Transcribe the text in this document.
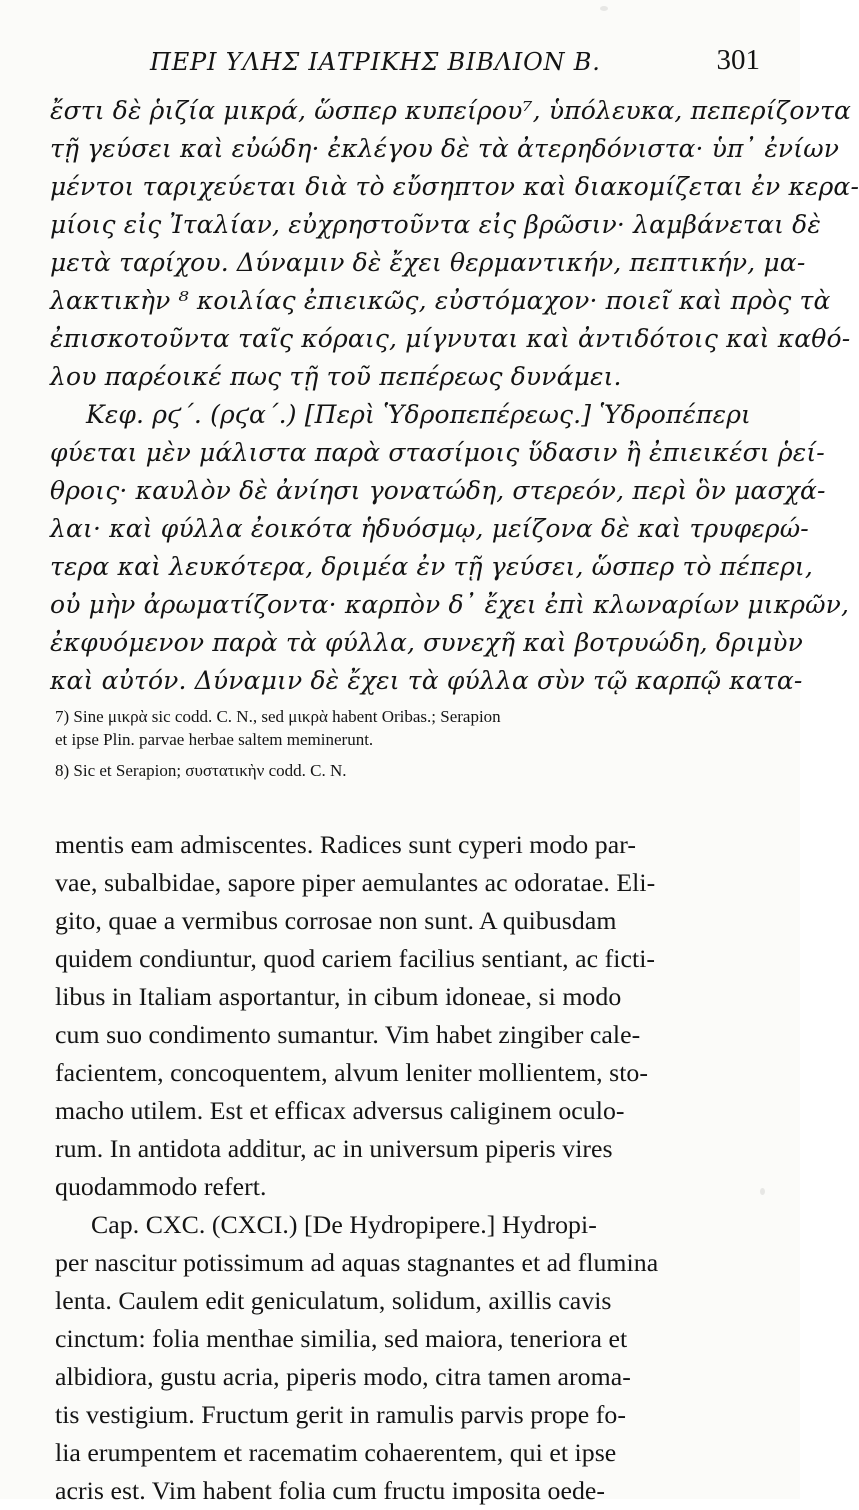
ΠΕΡΙ ΥΛΗΣ ΙΑΤΡΙΚΗΣ ΒΙΒΛΙΟΝ Β.	301
ἔστι δὲ ῥιζία μικρά, ὥσπερ κυπείρου⁷, ὑπόλευκα, πεπερίζοντα
τῇ γεύσει καὶ εὐώδη· ἐκλέγου δὲ τὰ ἀτερηδόνιστα· ὑπ᾽ ἐνίων
μέντοι ταριχεύεται διὰ τὸ εὔσηπτον καὶ διακομίζεται ἐν κερα-
μίοις εἰς Ἰταλίαν, εὐχρηστοῦντα εἰς βρῶσιν· λαμβάνεται δὲ
μετὰ ταρίχου. Δύναμιν δὲ ἔχει θερμαντικήν, πεπτικήν, μα-
λακτικὴν ⁸ κοιλίας ἐπιεικῶς, εὐστόμαχον· ποιεῖ καὶ πρὸς τὰ
ἐπισκοτοῦντα ταῖς κόραις, μίγνυται καὶ ἀντιδότοις καὶ καθό-
λου παρέοικέ πως τῇ τοῦ πεπέρεως δυνάμει.
Κεφ. ρϛ΄. (ρϛα΄.) [Περὶ Ὑδροπεπέρεως.] Ὑδροπέπερι
φύεται μὲν μάλιστα παρὰ στασίμοις ὕδασιν ἢ ἐπιεικέσι ῥεί-
θροις· καυλὸν δὲ ἀνίησι γονατώδη, στερεόν, περὶ ὃν μασχά-
λαι· καὶ φύλλα ἐοικότα ἡδυόσμῳ, μείζονα δὲ καὶ τρυφερώ-
τερα καὶ λευκότερα, δριμέα ἐν τῇ γεύσει, ὥσπερ τὸ πέπερι,
οὐ μὴν ἀρωματίζοντα· καρπὸν δ᾽ ἔχει ἐπὶ κλωναρίων μικρῶν,
ἐκφυόμενον παρὰ τὰ φύλλα, συνεχῆ καὶ βοτρυώδη, δριμὺν
καὶ αὐτόν. Δύναμιν δὲ ἔχει τὰ φύλλα σὺν τῷ καρπῷ κατα-
7) Sine μικρὰ sic codd. C. N., sed μικρὰ habent Oribas.; Serapion
et ipse Plin. parvae herbae saltem meminerunt.
8) Sic et Serapion; συστατικὴν codd. C. N.
mentis eam admiscentes. Radices sunt cyperi modo par-
vae, subalbidae, sapore piper aemulantes ac odoratae. Eli-
gito, quae a vermibus corrosae non sunt. A quibusdam
quidem condiuntur, quod cariem facilius sentiant, ac ficti-
libus in Italiam asportantur, in cibum idoneae, si modo
cum suo condimento sumantur. Vim habet zingiber cale-
facientem, concoquentem, alvum leniter mollientem, sto-
macho utilem. Est et efficax adversus caliginem oculo-
rum. In antidota additur, ac in universum piperis vires
quodammodo refert.
Cap. CXC. (CXCI.) [De Hydropipere.] Hydropi-
per nascitur potissimum ad aquas stagnantes et ad flumina
lenta. Caulem edit geniculatum, solidum, axillis cavis
cinctum: folia menthae similia, sed maiora, teneriora et
albidiora, gustu acria, piperis modo, citra tamen aroma-
tis vestigium. Fructum gerit in ramulis parvis prope fo-
lia erumpentem et racematim cohaerentem, qui et ipse
acris est. Vim habent folia cum fructu imposita oede-
